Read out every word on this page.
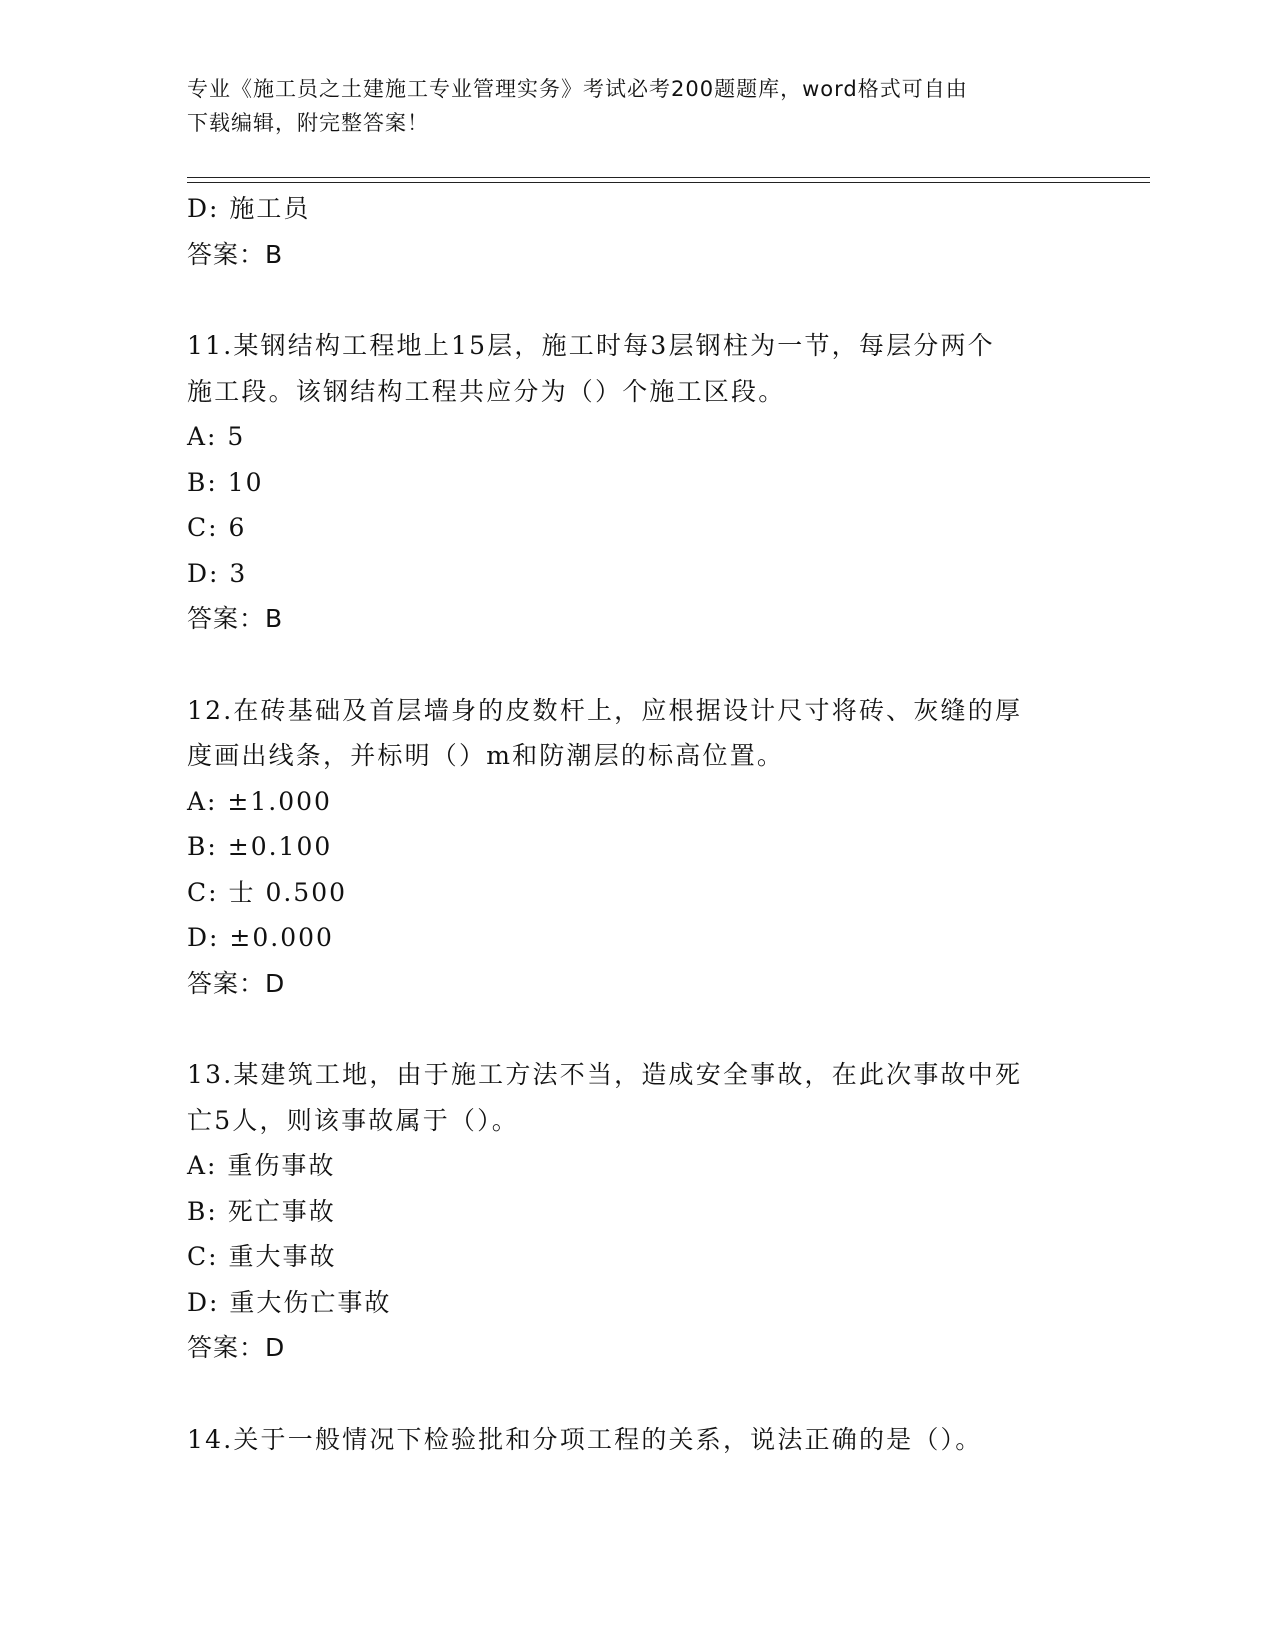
专业《施工员之土建施工专业管理实务》考试必考200题题库，word格式可自由
下载编辑，附完整答案！
D: 施工员
答案：B
11.某钢结构工程地上15层，施工时每3层钢柱为一节，每层分两个
施工段。该钢结构工程共应分为（）个施工区段。
A: 5
B: 10
C: 6
D: 3
答案：B
12.在砖基础及首层墙身的皮数杆上，应根据设计尺寸将砖、灰缝的厚
度画出线条，并标明（）m和防潮层的标高位置。
A: ±1.000
B: ±0.100
C: 士 0.500
D: ±0.000
答案：D
13.某建筑工地，由于施工方法不当，造成安全事故，在此次事故中死
亡5人，则该事故属于（）。
A: 重伤事故
B: 死亡事故
C: 重大事故
D: 重大伤亡事故
答案：D
14.关于一般情况下检验批和分项工程的关系，说法正确的是（）。
